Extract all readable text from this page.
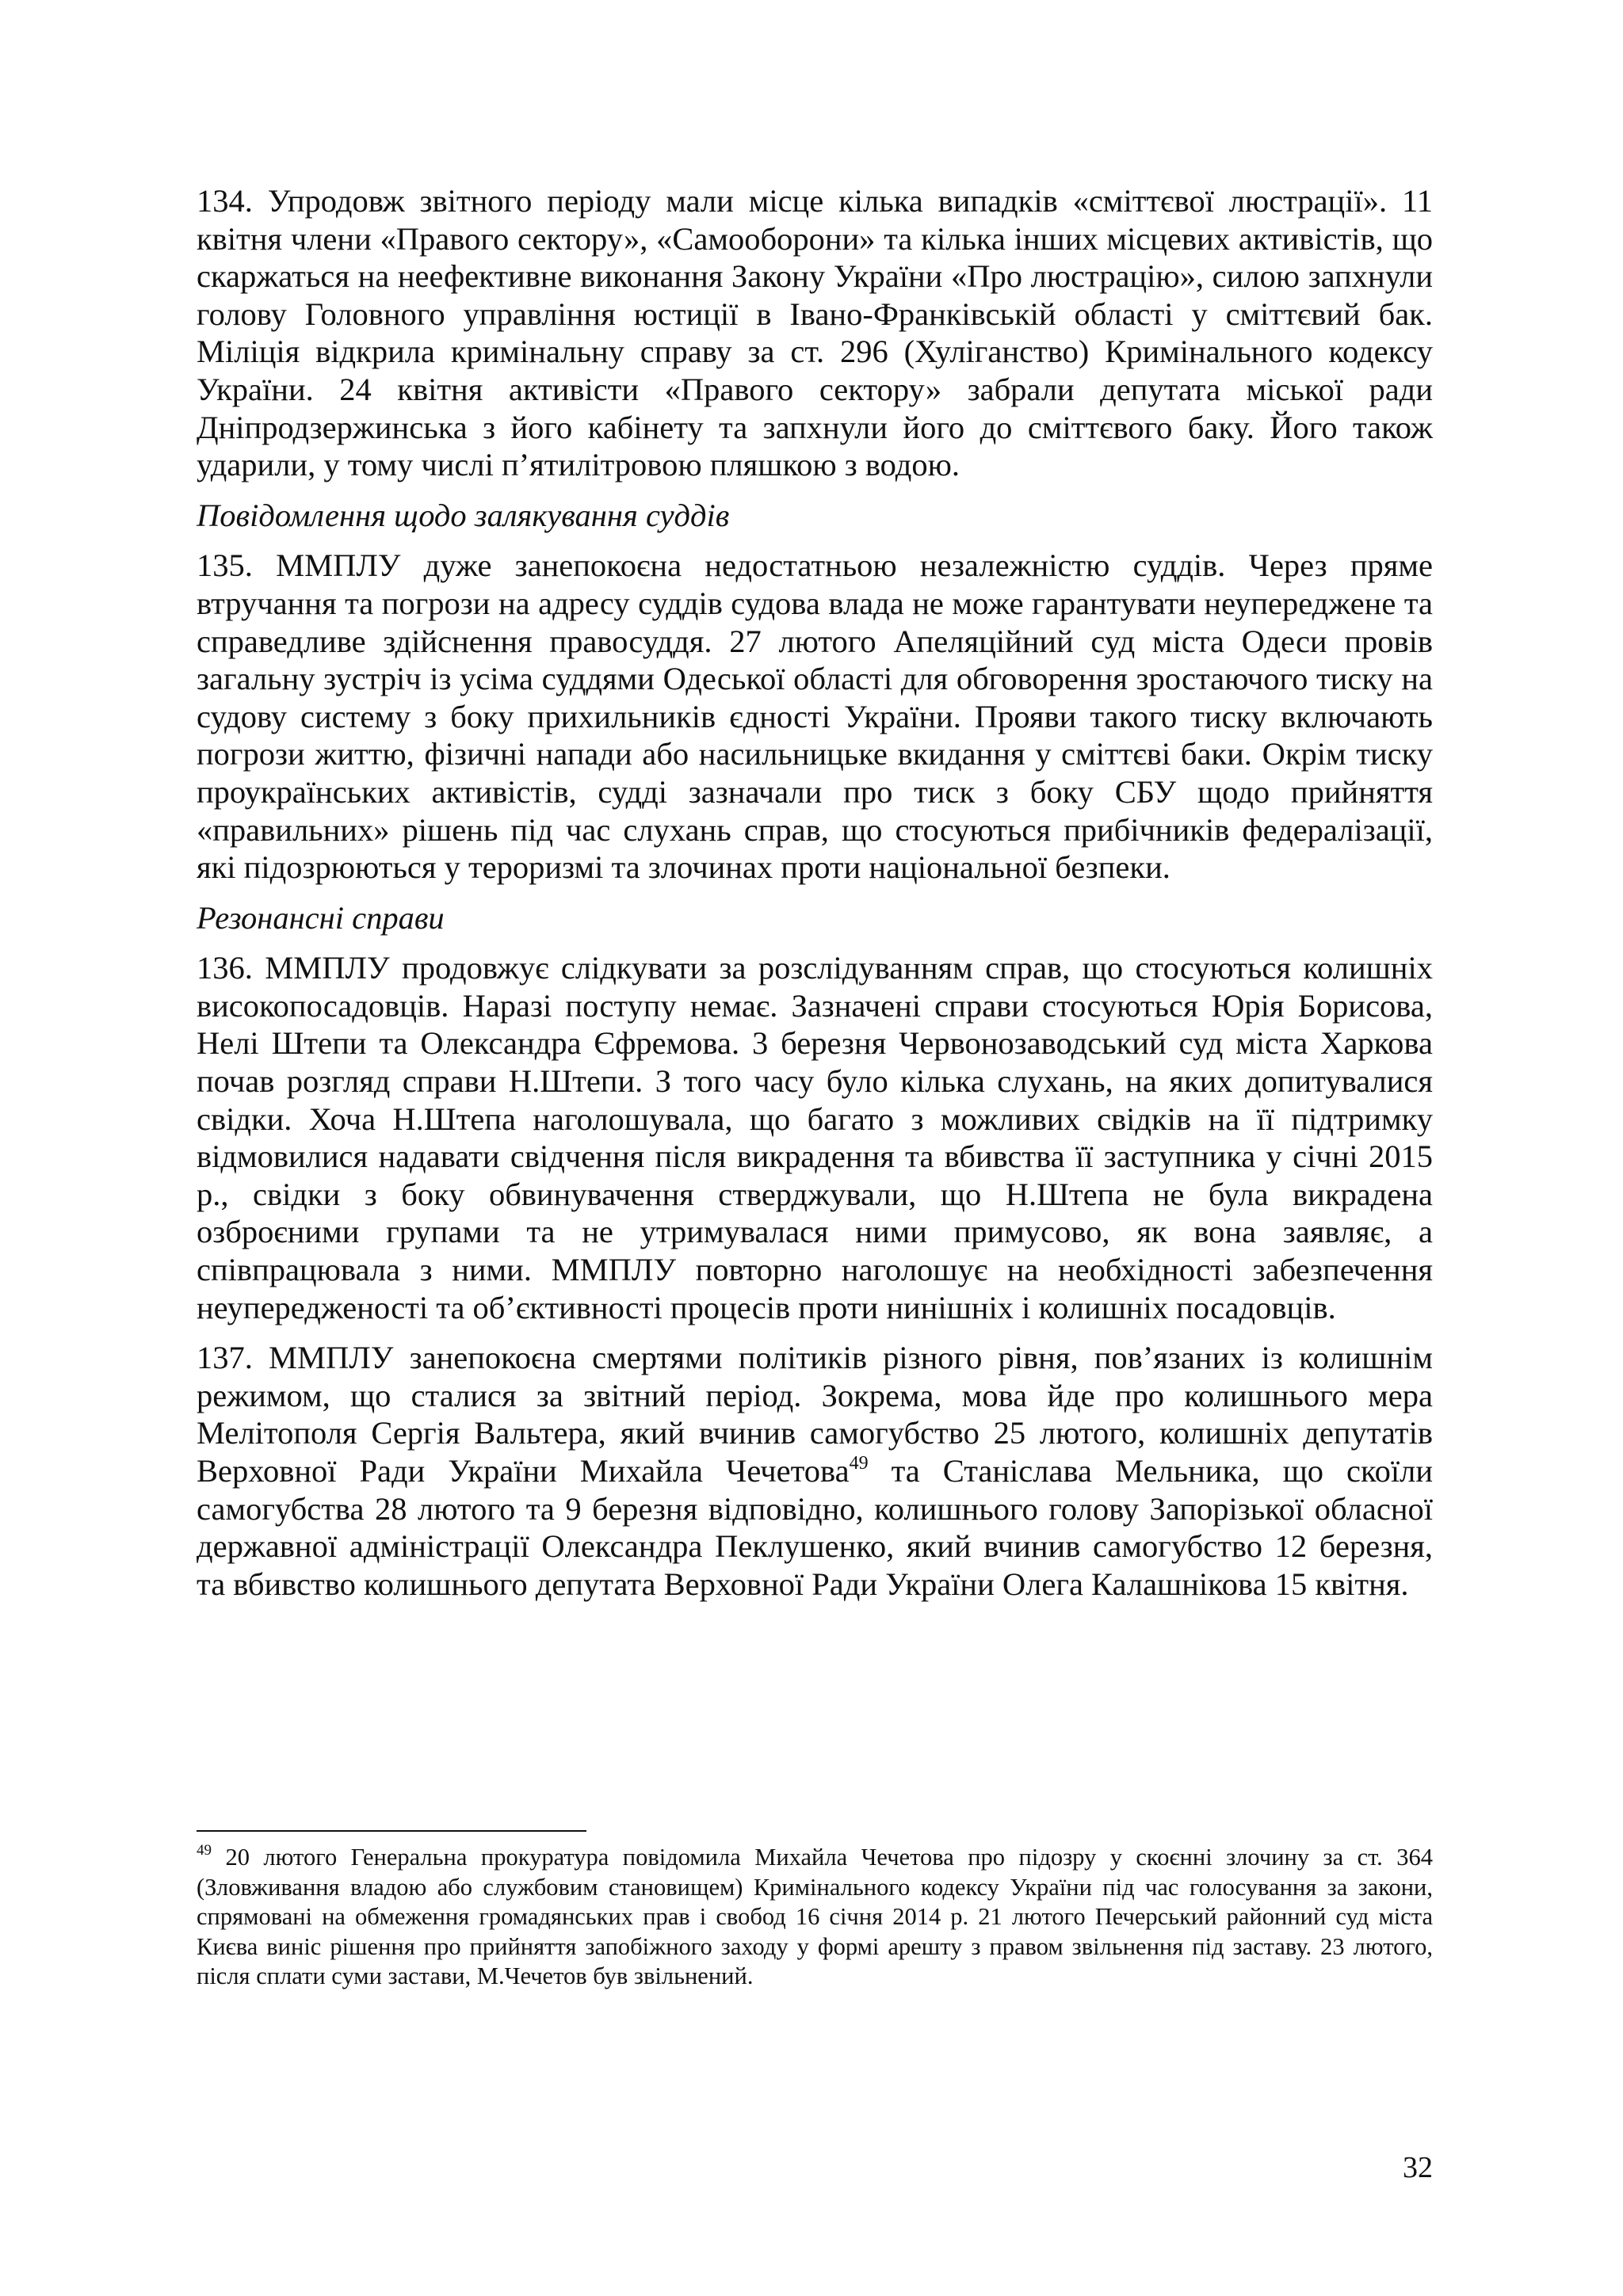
134. Упродовж звітного періоду мали місце кілька випадків «сміттєвої люстрації». 11 квітня члени «Правого сектору», «Самооборони» та кілька інших місцевих активістів, що скаржаться на неефективне виконання Закону України «Про люстрацію», силою запхнули голову Головного управління юстиції в Івано-Франківській області у сміттєвий бак. Міліція відкрила кримінальну справу за ст. 296 (Хуліганство) Кримінального кодексу України. 24 квітня активісти «Правого сектору» забрали депутата міської ради Дніпродзержинська з його кабінету та запхнули його до сміттєвого баку. Його також ударили, у тому числі п’ятилітровою пляшкою з водою.

Повідомлення щодо залякування суддів

135. ММПЛУ дуже занепокоєна недостатньою незалежністю суддів. Через пряме втручання та погрози на адресу суддів судова влада не може гарантувати неупереджене та справедливе здійснення правосуддя. 27 лютого Апеляційний суд міста Одеси провів загальну зустріч із усіма суддями Одеської області для обговорення зростаючого тиску на судову систему з боку прихильників єдності України. Прояви такого тиску включають погрози життю, фізичні напади або насильницьке вкидання у сміттєві баки. Окрім тиску проукраїнських активістів, судді зазначали про тиск з боку СБУ щодо прийняття «правильних» рішень під час слухань справ, що стосуються прибічників федералізації, які підозрюються у тероризмі та злочинах проти національної безпеки.

Резонансні справи

136. ММПЛУ продовжує слідкувати за розслідуванням справ, що стосуються колишніх високопосадовців. Наразі поступу немає. Зазначені справи стосуються Юрія Борисова, Нелі Штепи та Олександра Єфремова. 3 березня Червонозаводський суд міста Харкова почав розгляд справи Н.Штепи. З того часу було кілька слухань, на яких допитувалися свідки. Хоча Н.Штепа наголошувала, що багато з можливих свідків на її підтримку відмовилися надавати свідчення після викрадення та вбивства її заступника у січні 2015 р., свідки з боку обвинувачення стверджували, що Н.Штепа не була викрадена озброєними групами та не утримувалася ними примусово, як вона заявляє, а співпрацювала з ними. ММПЛУ повторно наголошує на необхідності забезпечення неупередженості та об’єктивності процесів проти нинішніх і колишніх посадовців.

137. ММПЛУ занепокоєна смертями політиків різного рівня, пов’язаних із колишнім режимом, що сталися за звітний період. Зокрема, мова йде про колишнього мера Мелітополя Сергія Вальтера, який вчинив самогубство 25 лютого, колишніх депутатів Верховної Ради України Михайла Чечетова$^{49}$ та Станіслава Мельника, що скоїли самогубства 28 лютого та 9 березня відповідно, колишнього голову Запорізької обласної державної адміністрації Олександра Пеклушенко, який вчинив самогубство 12 березня, та вбивство колишнього депутата Верховної Ради України Олега Калашнікова 15 квітня.

$^{49}$ 20 лютого Генеральна прокуратура повідомила Михайла Чечетова про підозру у скоєнні злочину за ст. 364 (Зловживання владою або службовим становищем) Кримінального кодексу України під час голосування за закони, спрямовані на обмеження громадянських прав і свобод 16 січня 2014 р. 21 лютого Печерський районний суд міста Києва виніс рішення про прийняття запобіжного заходу у формі арешту з правом звільнення під заставу. 23 лютого, після сплати суми застави, М.Чечетов був звільнений.

32
